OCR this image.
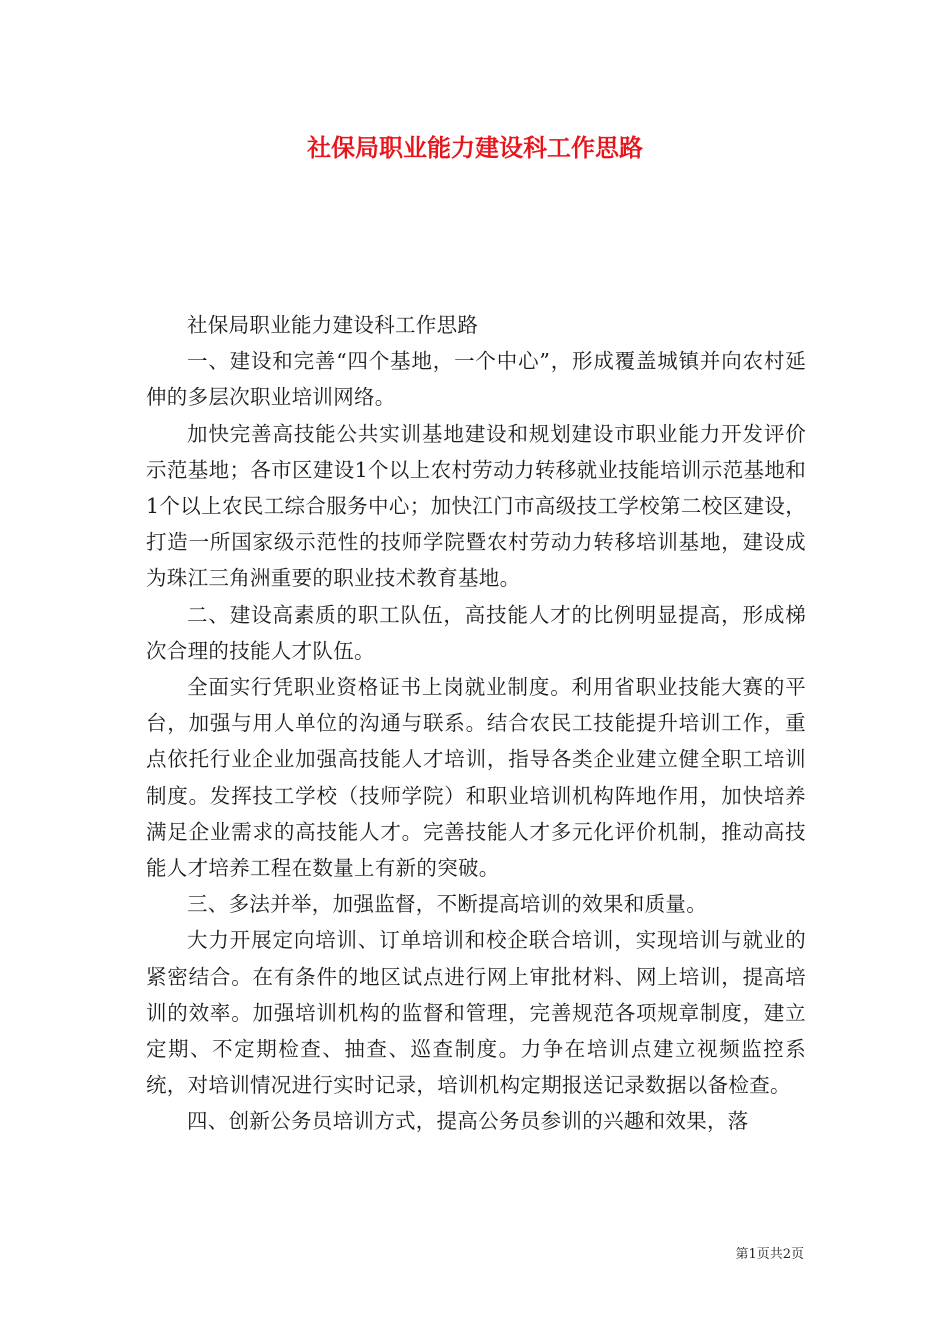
社保局职业能力建设科工作思路

社保局职业能力建设科工作思路

一、建设和完善“四个基地，一个中心”，形成覆盖城镇并向农村延伸的多层次职业培训网络。

加快完善高技能公共实训基地建设和规划建设市职业能力开发评价示范基地；各市区建设1个以上农村劳动力转移就业技能培训示范基地和1个以上农民工综合服务中心；加快江门市高级技工学校第二校区建设，打造一所国家级示范性的技师学院暨农村劳动力转移培训基地，建设成为珠江三角洲重要的职业技术教育基地。

二、建设高素质的职工队伍，高技能人才的比例明显提高，形成梯次合理的技能人才队伍。

全面实行凭职业资格证书上岗就业制度。利用省职业技能大赛的平台，加强与用人单位的沟通与联系。结合农民工技能提升培训工作，重点依托行业企业加强高技能人才培训，指导各类企业建立健全职工培训制度。发挥技工学校（技师学院）和职业培训机构阵地作用，加快培养满足企业需求的高技能人才。完善技能人才多元化评价机制，推动高技能人才培养工程在数量上有新的突破。

三、多法并举，加强监督，不断提高培训的效果和质量。

大力开展定向培训、订单培训和校企联合培训，实现培训与就业的紧密结合。在有条件的地区试点进行网上审批材料、网上培训，提高培训的效率。加强培训机构的监督和管理，完善规范各项规章制度，建立定期、不定期检查、抽查、巡查制度。力争在培训点建立视频监控系统，对培训情况进行实时记录，培训机构定期报送记录数据以备检查。

四、创新公务员培训方式，提高公务员参训的兴趣和效果，落

第1页共2页
